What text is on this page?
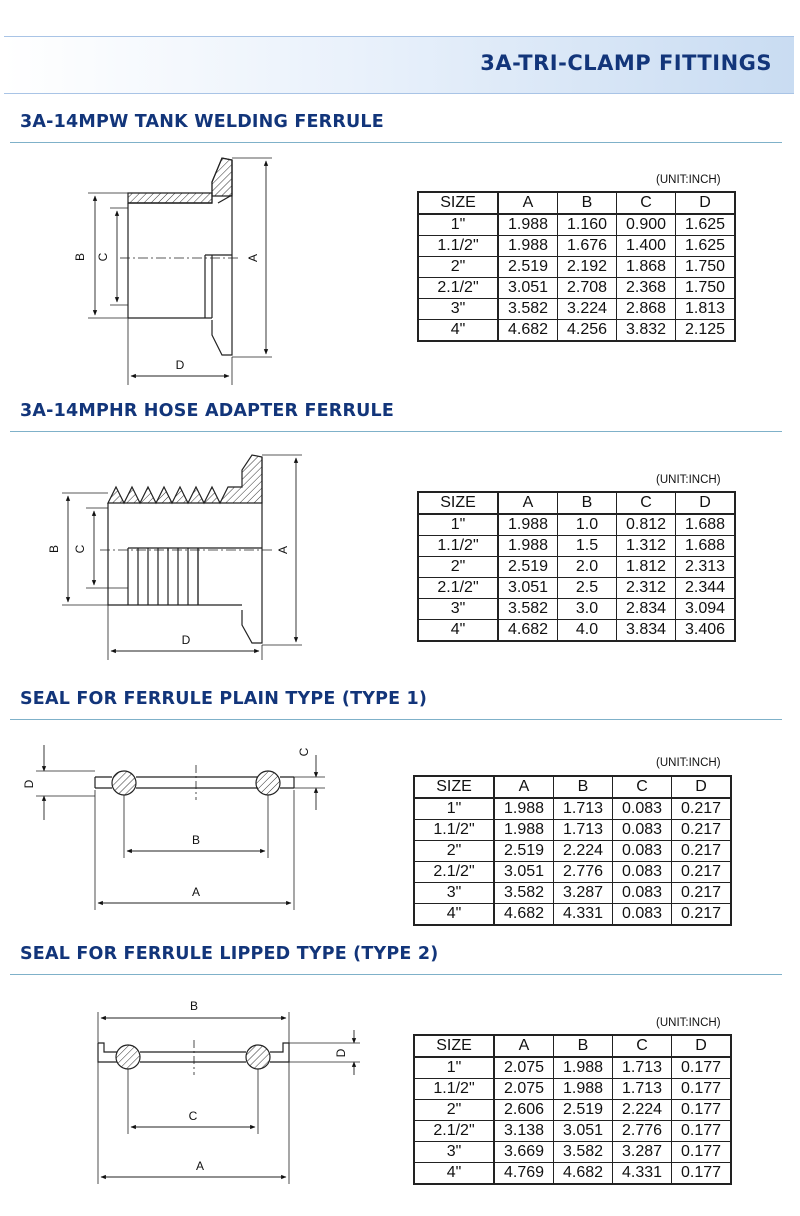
3A-TRI-CLAMP FITTINGS
3A-14MPW TANK WELDING FERRULE
3A-14MPHR HOSE ADAPTER FERRULE
SEAL FOR FERRULE PLAIN TYPE (TYPE 1)
SEAL FOR FERRULE LIPPED TYPE (TYPE 2)
(UNIT:INCH)
(UNIT:INCH)
(UNIT:INCH)
(UNIT:INCH)
SIZE	A	B	C	D
1"	1.988	1.160	0.900	1.625
1.1/2"	1.988	1.676	1.400	1.625
2"	2.519	2.192	1.868	1.750
2.1/2"	3.051	2.708	2.368	1.750
3"	3.582	3.224	2.868	1.813
4"	4.682	4.256	3.832	2.125
SIZE	A	B	C	D
1"	1.988	1.0	0.812	1.688
1.1/2"	1.988	1.5	1.312	1.688
2"	2.519	2.0	1.812	2.313
2.1/2"	3.051	2.5	2.312	2.344
3"	3.582	3.0	2.834	3.094
4"	4.682	4.0	3.834	3.406
SIZE	A	B	C	D
1"	1.988	1.713	0.083	0.217
1.1/2"	1.988	1.713	0.083	0.217
2"	2.519	2.224	0.083	0.217
2.1/2"	3.051	2.776	0.083	0.217
3"	3.582	3.287	0.083	0.217
4"	4.682	4.331	0.083	0.217
SIZE	A	B	C	D
1"	2.075	1.988	1.713	0.177
1.1/2"	2.075	1.988	1.713	0.177
2"	2.606	2.519	2.224	0.177
2.1/2"	3.138	3.051	2.776	0.177
3"	3.669	3.582	3.287	0.177
4"	4.769	4.682	4.331	0.177
B C	A
D
B C	A
D
D
C
B
A
B
D
C
A
